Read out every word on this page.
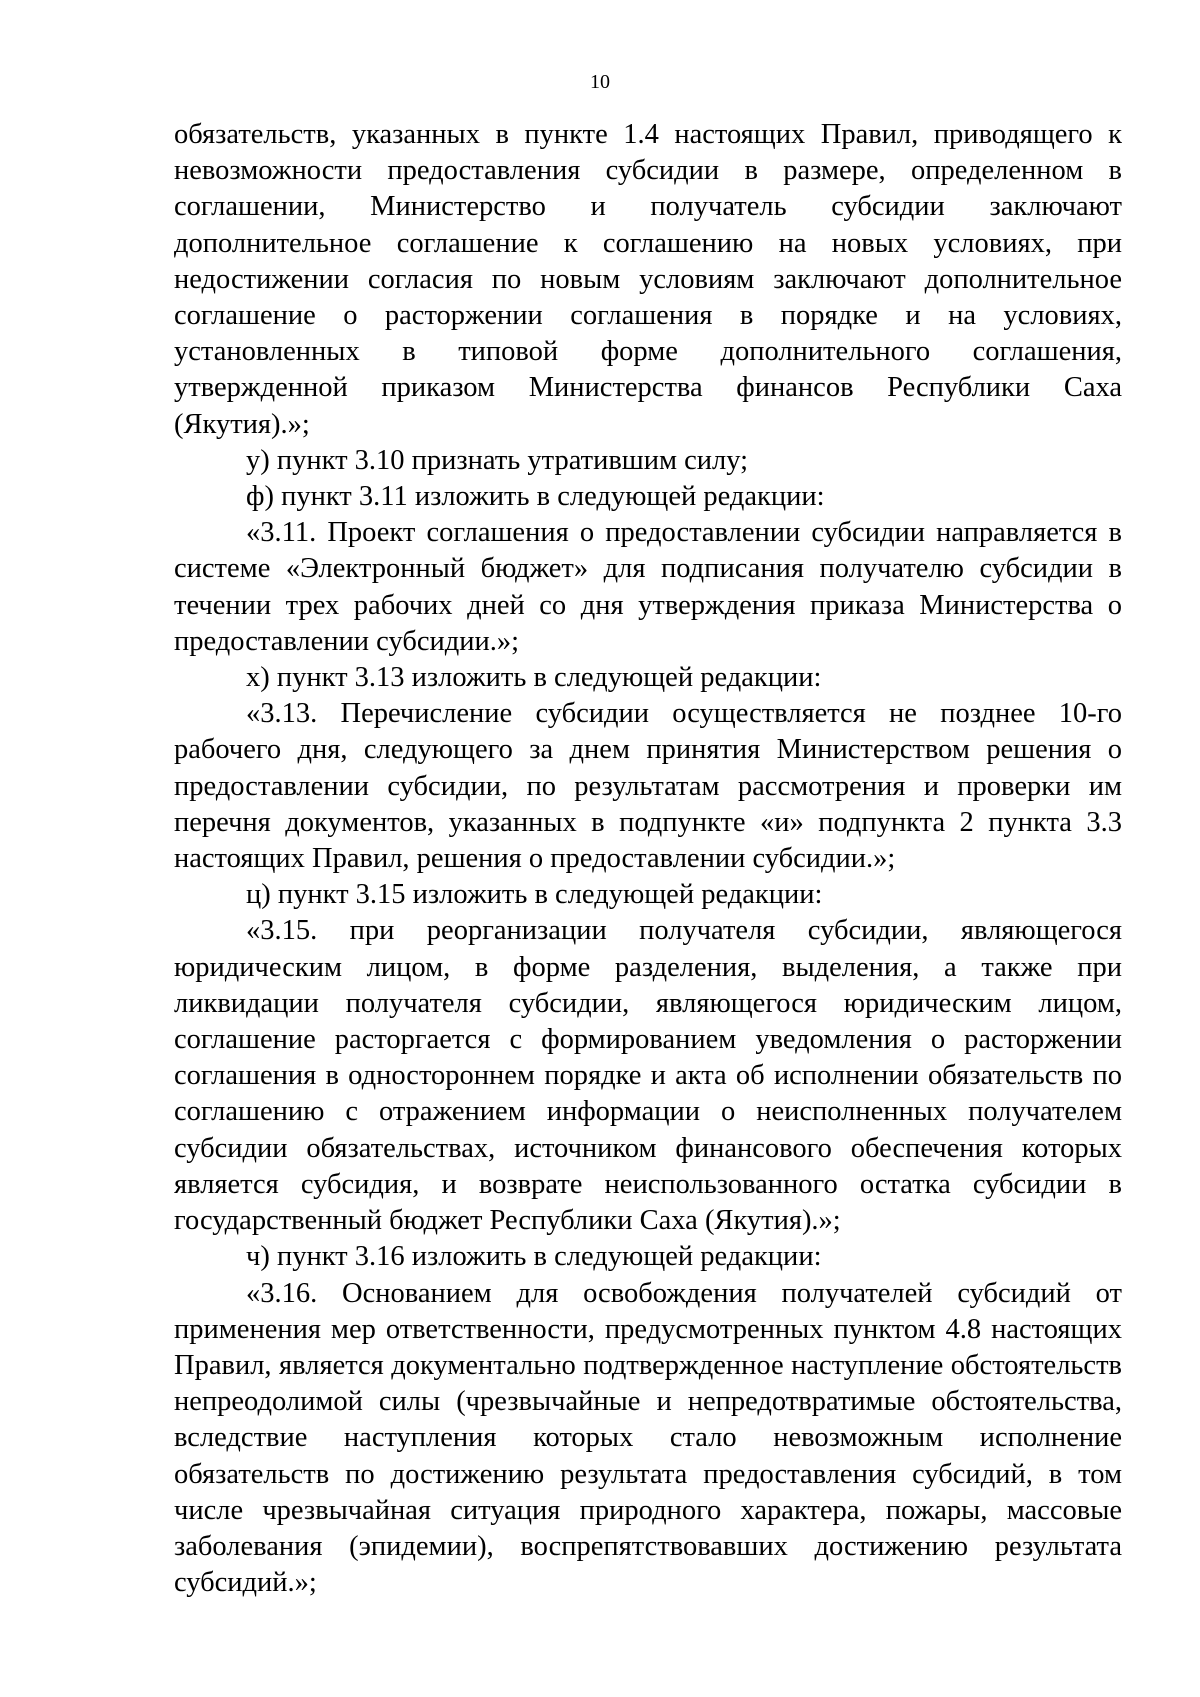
10

обязательств, указанных в пункте 1.4 настоящих Правил, приводящего к невозможности предоставления субсидии в размере, определенном в соглашении, Министерство и получатель субсидии заключают дополнительное соглашение к соглашению на новых условиях, при недостижении согласия по новым условиям заключают дополнительное соглашение о расторжении соглашения в порядке и на условиях, установленных в типовой форме дополнительного соглашения, утвержденной приказом Министерства финансов Республики Саха (Якутия).»;

у) пункт 3.10 признать утратившим силу;

ф) пункт 3.11 изложить в следующей редакции:

«3.11. Проект соглашения о предоставлении субсидии направляется в системе «Электронный бюджет» для подписания получателю субсидии в течении трех рабочих дней со дня утверждения приказа Министерства о предоставлении субсидии.»;

х) пункт 3.13 изложить в следующей редакции:

«3.13. Перечисление субсидии осуществляется не позднее 10-го рабочего дня, следующего за днем принятия Министерством решения о предоставлении субсидии, по результатам рассмотрения и проверки им перечня документов, указанных в подпункте «и» подпункта 2 пункта 3.3 настоящих Правил, решения о предоставлении субсидии.»;

ц) пункт 3.15 изложить в следующей редакции:

«3.15. при реорганизации получателя субсидии, являющегося юридическим лицом, в форме разделения, выделения, а также при ликвидации получателя субсидии, являющегося юридическим лицом, соглашение расторгается с формированием уведомления о расторжении соглашения в одностороннем порядке и акта об исполнении обязательств по соглашению с отражением информации о неисполненных получателем субсидии обязательствах, источником финансового обеспечения которых является субсидия, и возврате неиспользованного остатка субсидии в государственный бюджет Республики Саха (Якутия).»;

ч) пункт 3.16 изложить в следующей редакции:

«3.16. Основанием для освобождения получателей субсидий от применения мер ответственности, предусмотренных пунктом 4.8 настоящих Правил, является документально подтвержденное наступление обстоятельств непреодолимой силы (чрезвычайные и непредотвратимые обстоятельства, вследствие наступления которых стало невозможным исполнение обязательств по достижению результата предоставления субсидий, в том числе чрезвычайная ситуация природного характера, пожары, массовые заболевания (эпидемии), воспрепятствовавших достижению результата субсидий.»;
